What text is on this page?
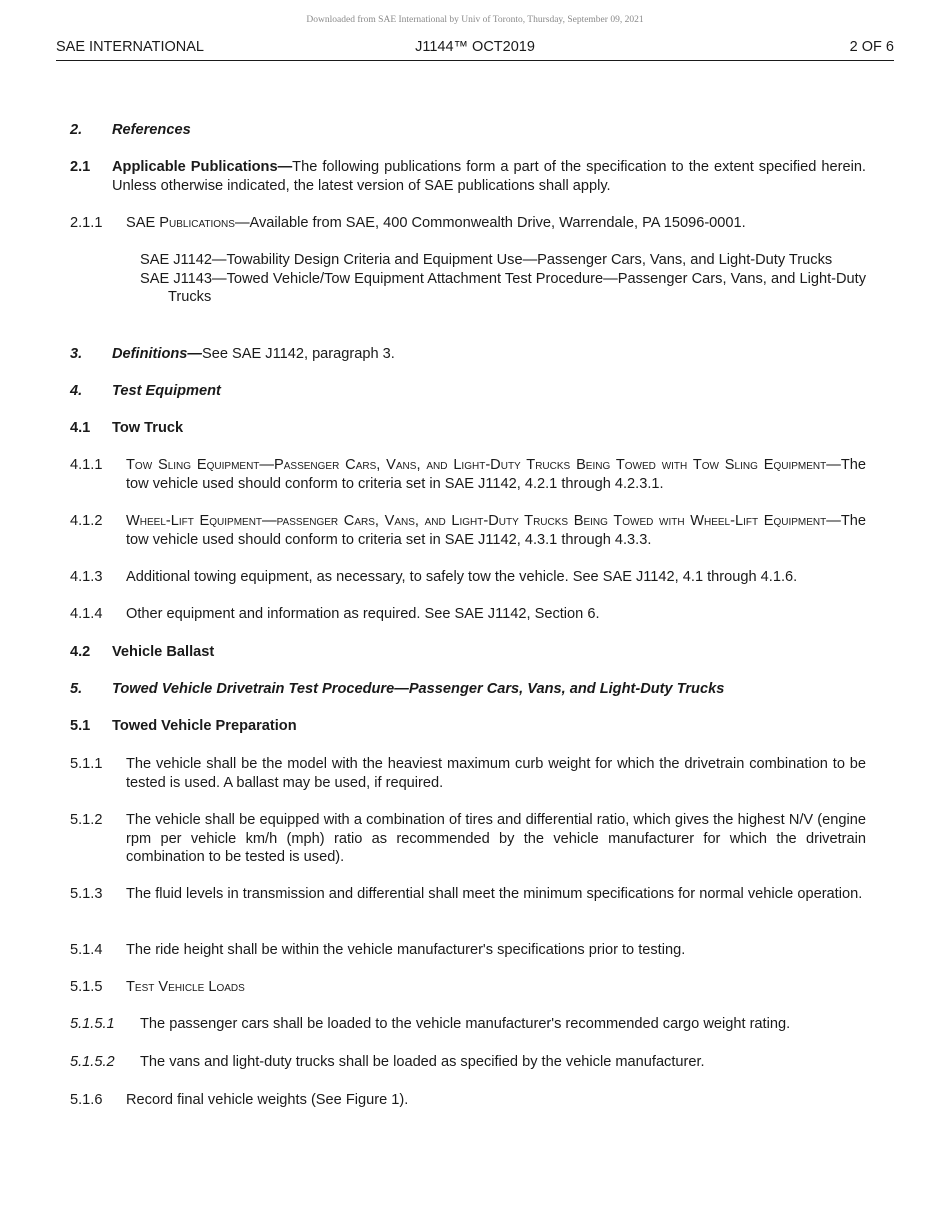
Downloaded from SAE International by Univ of Toronto, Thursday, September 09, 2021
SAE INTERNATIONAL	J1144™ OCT2019	2 OF 6
2. References
2.1 Applicable Publications—The following publications form a part of the specification to the extent specified herein. Unless otherwise indicated, the latest version of SAE publications shall apply.
2.1.1 SAE Publications—Available from SAE, 400 Commonwealth Drive, Warrendale, PA 15096-0001.
SAE J1142—Towability Design Criteria and Equipment Use—Passenger Cars, Vans, and Light-Duty Trucks
SAE J1143—Towed Vehicle/Tow Equipment Attachment Test Procedure—Passenger Cars, Vans, and Light-Duty Trucks
3. Definitions—See SAE J1142, paragraph 3.
4. Test Equipment
4.1 Tow Truck
4.1.1 Tow Sling Equipment—Passenger Cars, Vans, and Light-Duty Trucks Being Towed with Tow Sling Equipment—The tow vehicle used should conform to criteria set in SAE J1142, 4.2.1 through 4.2.3.1.
4.1.2 Wheel-Lift Equipment—passenger Cars, Vans, and Light-Duty Trucks Being Towed with Wheel-Lift Equipment—The tow vehicle used should conform to criteria set in SAE J1142, 4.3.1 through 4.3.3.
4.1.3 Additional towing equipment, as necessary, to safely tow the vehicle. See SAE J1142, 4.1 through 4.1.6.
4.1.4 Other equipment and information as required. See SAE J1142, Section 6.
4.2 Vehicle Ballast
5. Towed Vehicle Drivetrain Test Procedure—Passenger Cars, Vans, and Light-Duty Trucks
5.1 Towed Vehicle Preparation
5.1.1 The vehicle shall be the model with the heaviest maximum curb weight for which the drivetrain combination to be tested is used. A ballast may be used, if required.
5.1.2 The vehicle shall be equipped with a combination of tires and differential ratio, which gives the highest N/V (engine rpm per vehicle km/h (mph) ratio as recommended by the vehicle manufacturer for which the drivetrain combination to be tested is used).
5.1.3 The fluid levels in transmission and differential shall meet the minimum specifications for normal vehicle operation.
5.1.4 The ride height shall be within the vehicle manufacturer's specifications prior to testing.
5.1.5 Test Vehicle Loads
5.1.5.1 The passenger cars shall be loaded to the vehicle manufacturer's recommended cargo weight rating.
5.1.5.2 The vans and light-duty trucks shall be loaded as specified by the vehicle manufacturer.
5.1.6 Record final vehicle weights (See Figure 1).
